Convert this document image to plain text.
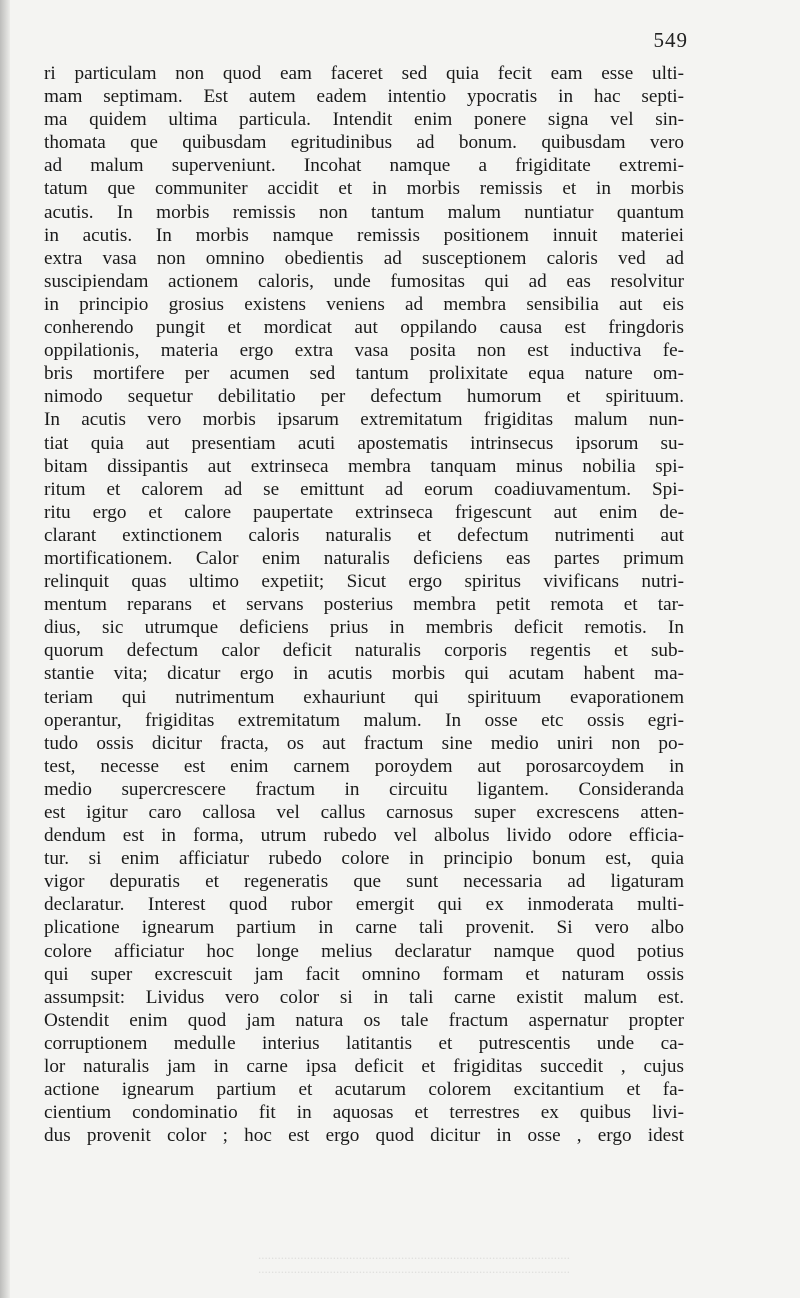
549
ri particulam non quod eam faceret sed quia fecit eam esse ulti-
mam septimam. Est autem eadem intentio ypocratis in hac septi-
ma quidem ultima particula. Intendit enim ponere signa vel sin-
thomata que quibusdam egritudinibus ad bonum. quibusdam vero
ad malum superveniunt. Incohat namque a frigiditate extremi-
tatum que communiter accidit et in morbis remissis et in morbis
acutis. In morbis remissis non tantum malum nuntiatur quantum
in acutis. In morbis namque remissis positionem innuit materiei
extra vasa non omnino obedientis ad susceptionem caloris ved ad
suscipiendam actionem caloris, unde fumositas qui ad eas resolvitur
in principio grosius existens veniens ad membra sensibilia aut eis
conherendo pungit et mordicat aut oppilando causa est fringdoris
oppilationis, materia ergo extra vasa posita non est inductiva fe-
bris mortifere per acumen sed tantum prolixitate equa nature om-
nimodo sequetur debilitatio per defectum humorum et spirituum.
In acutis vero morbis ipsarum extremitatum frigiditas malum nun-
tiat quia aut presentiam acuti apostematis intrinsecus ipsorum su-
bitam dissipantis aut extrinseca membra tanquam minus nobilia spi-
ritum et calorem ad se emittunt ad eorum coadiuvamentum. Spi-
ritu ergo et calore paupertate extrinseca frigescunt aut enim de-
clarant extinctionem caloris naturalis et defectum nutrimenti aut
mortificationem. Calor enim naturalis deficiens eas partes primum
relinquit quas ultimo expetiit; Sicut ergo spiritus vivificans nutri-
mentum reparans et servans posterius membra petit remota et tar-
dius, sic utrumque deficiens prius in membris deficit remotis. In
quorum defectum calor deficit naturalis corporis regentis et sub-
stantie vita; dicatur ergo in acutis morbis qui acutam habent ma-
teriam qui nutrimentum exhauriunt qui spirituum evaporationem
operantur, frigiditas extremitatum malum. In osse etc ossis egri-
tudo ossis dicitur fracta, os aut fractum sine medio uniri non po-
test, necesse est enim carnem poroydem aut porosarcoydem in
medio supercrescere fractum in circuitu ligantem. Consideranda
est igitur caro callosa vel callus carnosus super excrescens atten-
dendum est in forma, utrum rubedo vel albolus livido odore efficia-
tur. si enim afficiatur rubedo colore in principio bonum est, quia
vigor depuratis et regeneratis que sunt necessaria ad ligaturam
declaratur. Interest quod rubor emergit qui ex inmoderata multi-
plicatione ignearum partium in carne tali provenit. Si vero albo
colore afficiatur hoc longe melius declaratur namque quod potius
qui super excrescuit jam facit omnino formam et naturam ossis
assumpsit: Lividus vero color si in tali carne existit malum est.
Ostendit enim quod jam natura os tale fractum aspernatur propter
corruptionem medulle interius latitantis et putrescentis unde ca-
lor naturalis jam in carne ipsa deficit et frigiditas succedit , cujus
actione ignearum partium et acutarum colorem excitantium et fa-
cientium condominatio fit in aquosas et terrestres ex quibus livi-
dus provenit color ; hoc est ergo quod dicitur in osse , ergo idest
................................................................................................
................................................................................................
